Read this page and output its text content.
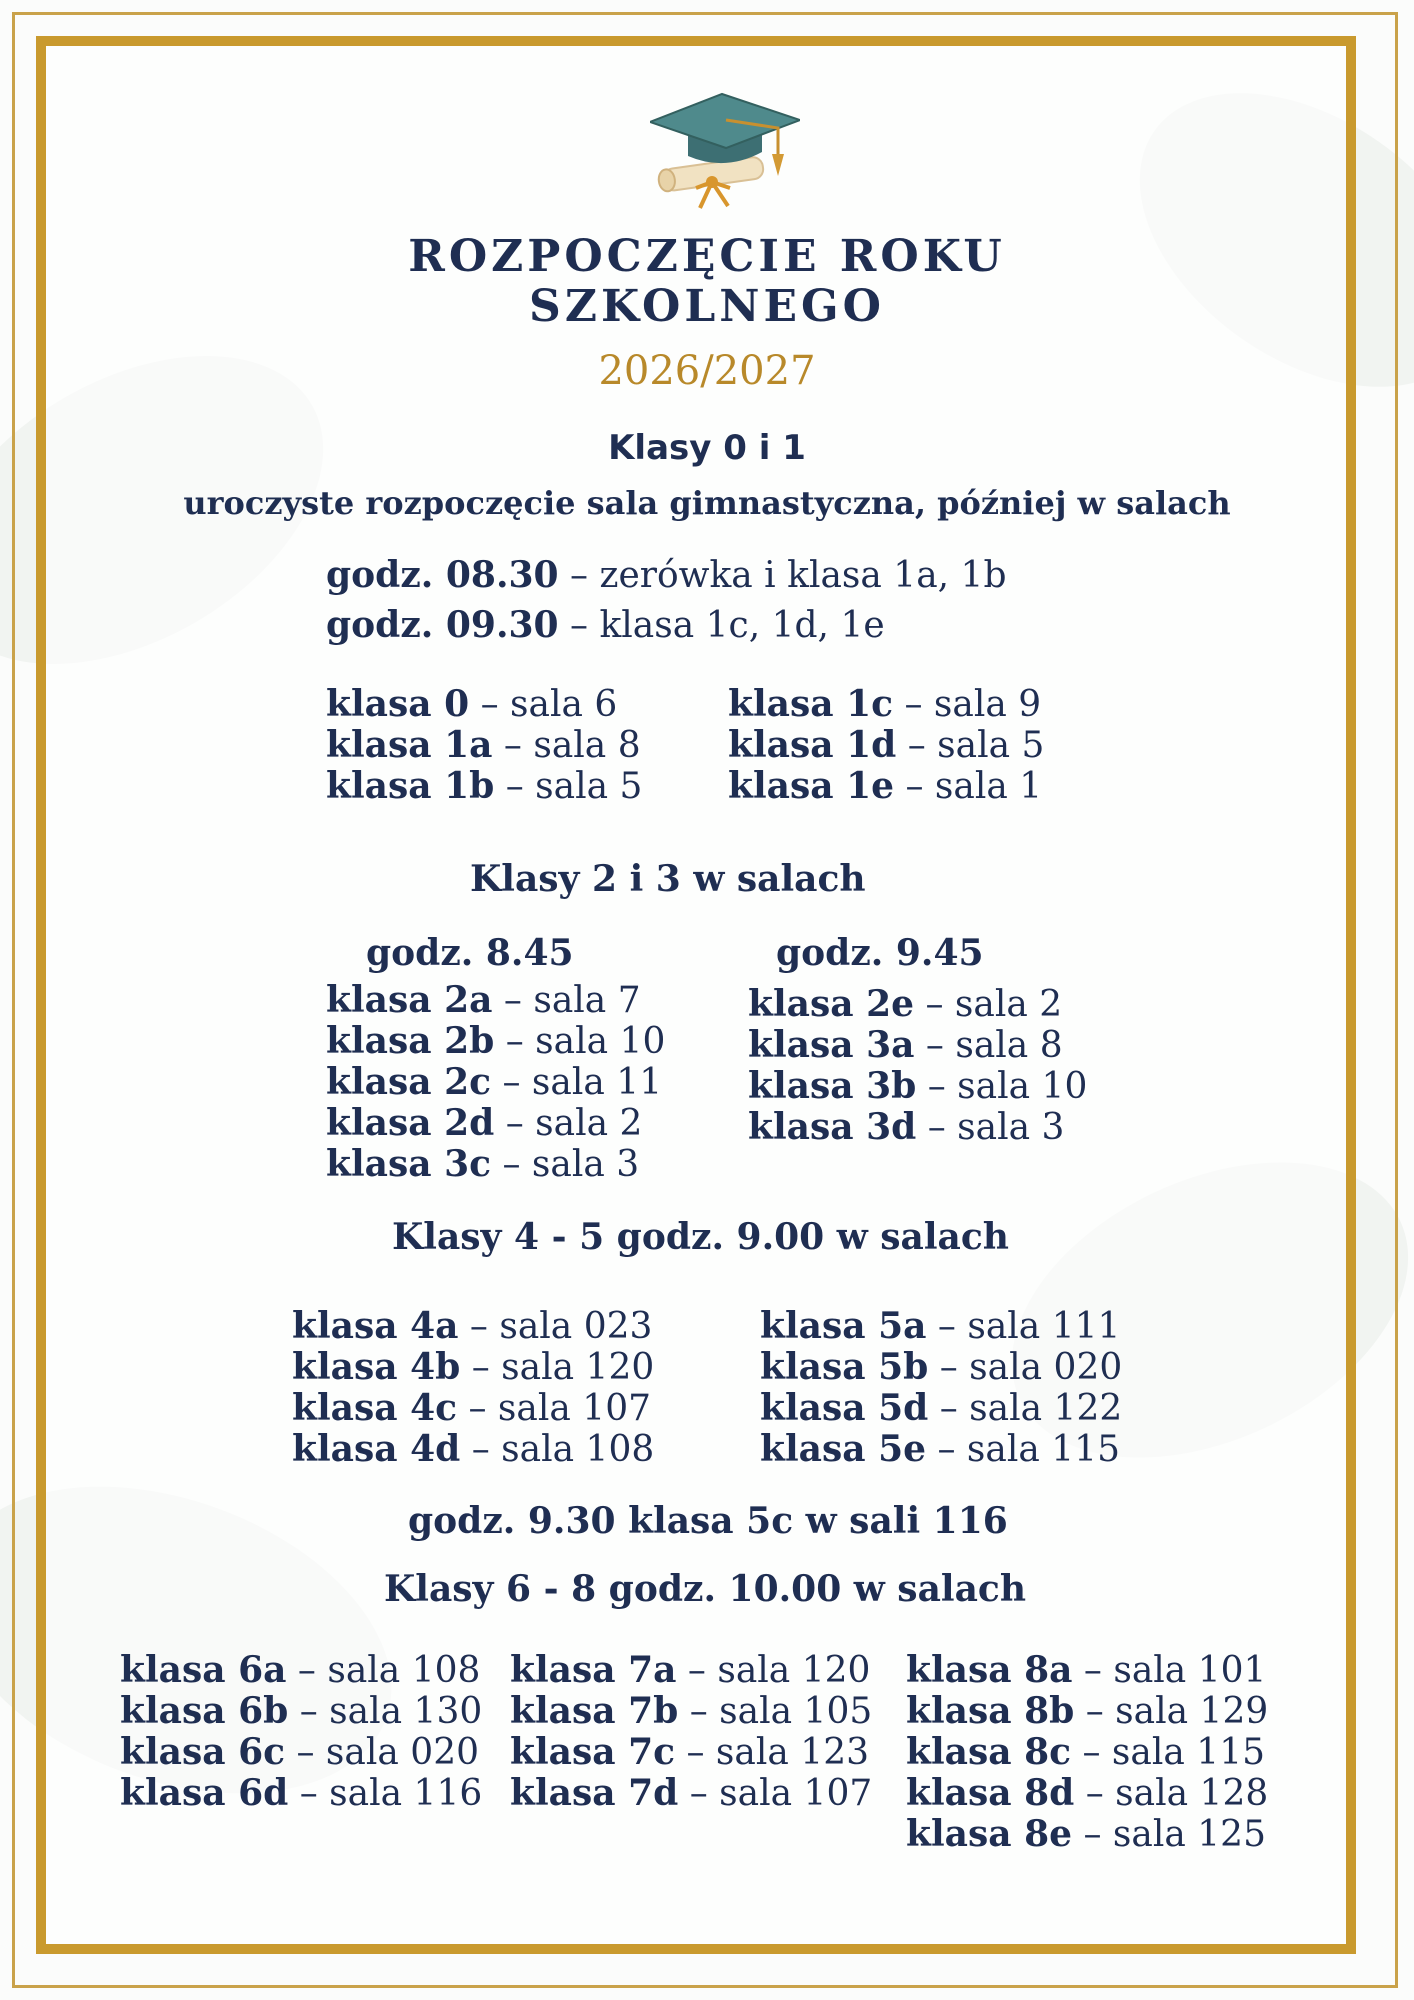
ROZPOCZĘCIE ROKU
SZKOLNEGO
2026/2027
Klasy 0 i 1
uroczyste rozpoczęcie sala gimnastyczna, później w salach
godz. 08.30 – zerówka i klasa 1a, 1b
godz. 09.30 – klasa 1c, 1d, 1e
klasa 0 – sala 6
klasa 1a – sala 8
klasa 1b – sala 5
klasa 1c – sala 9
klasa 1d – sala 5
klasa 1e – sala 1
Klasy 2 i 3 w salach
godz. 8.45	godz. 9.45
klasa 2a – sala 7
klasa 2b – sala 10
klasa 2c – sala 11
klasa 2d – sala 2
klasa 3c – sala 3
klasa 2e – sala 2
klasa 3a – sala 8
klasa 3b – sala 10
klasa 3d – sala 3
Klasy 4 - 5 godz. 9.00 w salach
klasa 4a – sala 023
klasa 4b – sala 120
klasa 4c – sala 107
klasa 4d – sala 108
klasa 5a – sala 111
klasa 5b – sala 020
klasa 5d – sala 122
klasa 5e – sala 115
godz. 9.30 klasa 5c w sali 116
Klasy 6 - 8 godz. 10.00 w salach
klasa 6a – sala 108
klasa 6b – sala 130
klasa 6c – sala 020
klasa 6d – sala 116
klasa 7a – sala 120
klasa 7b – sala 105
klasa 7c – sala 123
klasa 7d – sala 107
klasa 8a – sala 101
klasa 8b – sala 129
klasa 8c – sala 115
klasa 8d – sala 128
klasa 8e – sala 125
